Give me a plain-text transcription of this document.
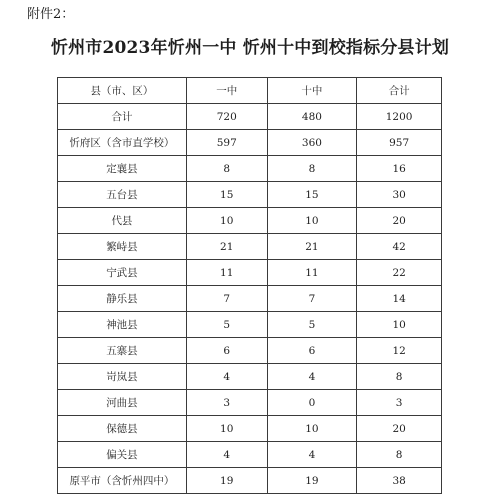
附件2：
忻州市2023年忻州一中 忻州十中到校指标分县计划
县（市、区）	一中	十中	合计
合计	720	480	1200
忻府区（含市直学校）	597	360	957
定襄县	8	8	16
五台县	15	15	30
代县	10	10	20
繁峙县	21	21	42
宁武县	11	11	22
静乐县	7	7	14
神池县	5	5	10
五寨县	6	6	12
岢岚县	4	4	8
河曲县	3	0	3
保德县	10	10	20
偏关县	4	4	8
原平市（含忻州四中）	19	19	38
